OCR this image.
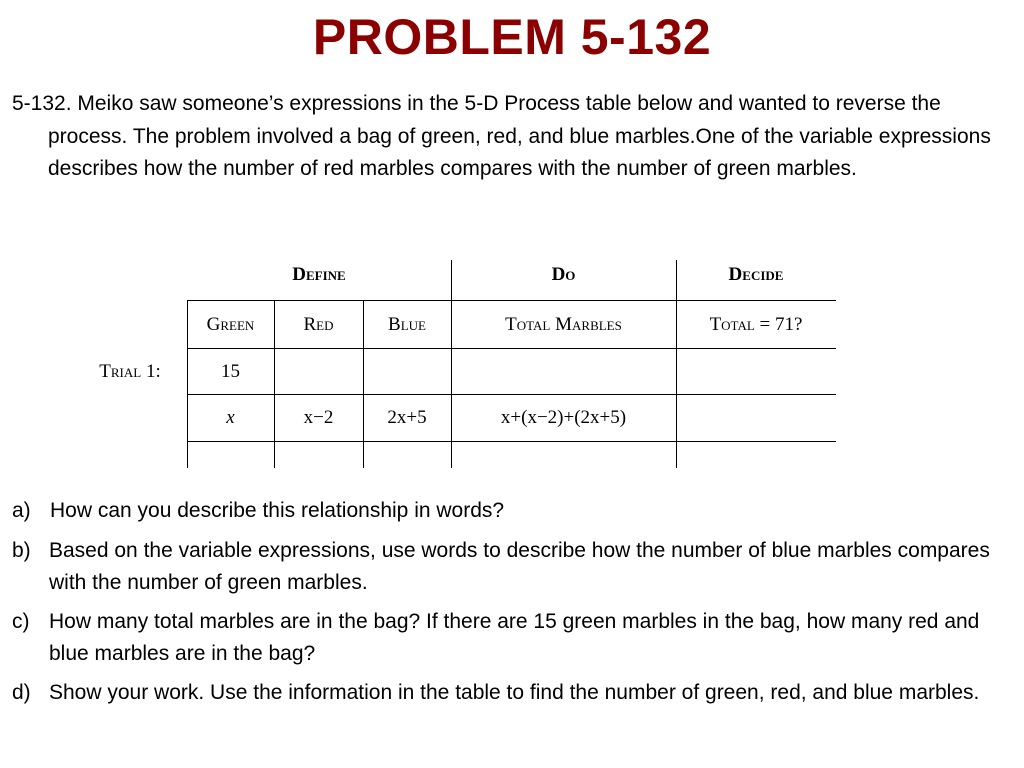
PROBLEM 5-132
5-132. Meiko saw someone’s expressions in the 5-D Process table below and wanted to reverse the process. The problem involved a bag of green, red, and blue marbles.One of the variable expressions describes how the number of red marbles compares with the number of green marbles.
Define	Do	Decide
Green	Red	Blue	Total Marbles	Total = 71?
Trial 1:	15
x	x−2	2x+5	x+(x−2)+(2x+5)
a) How can you describe this relationship in words?
b) Based on the variable expressions, use words to describe how the number of blue marbles compares with the number of green marbles.
c) How many total marbles are in the bag? If there are 15 green marbles in the bag, how many red and blue marbles are in the bag?
d) Show your work. Use the information in the table to find the number of green, red, and blue marbles.
